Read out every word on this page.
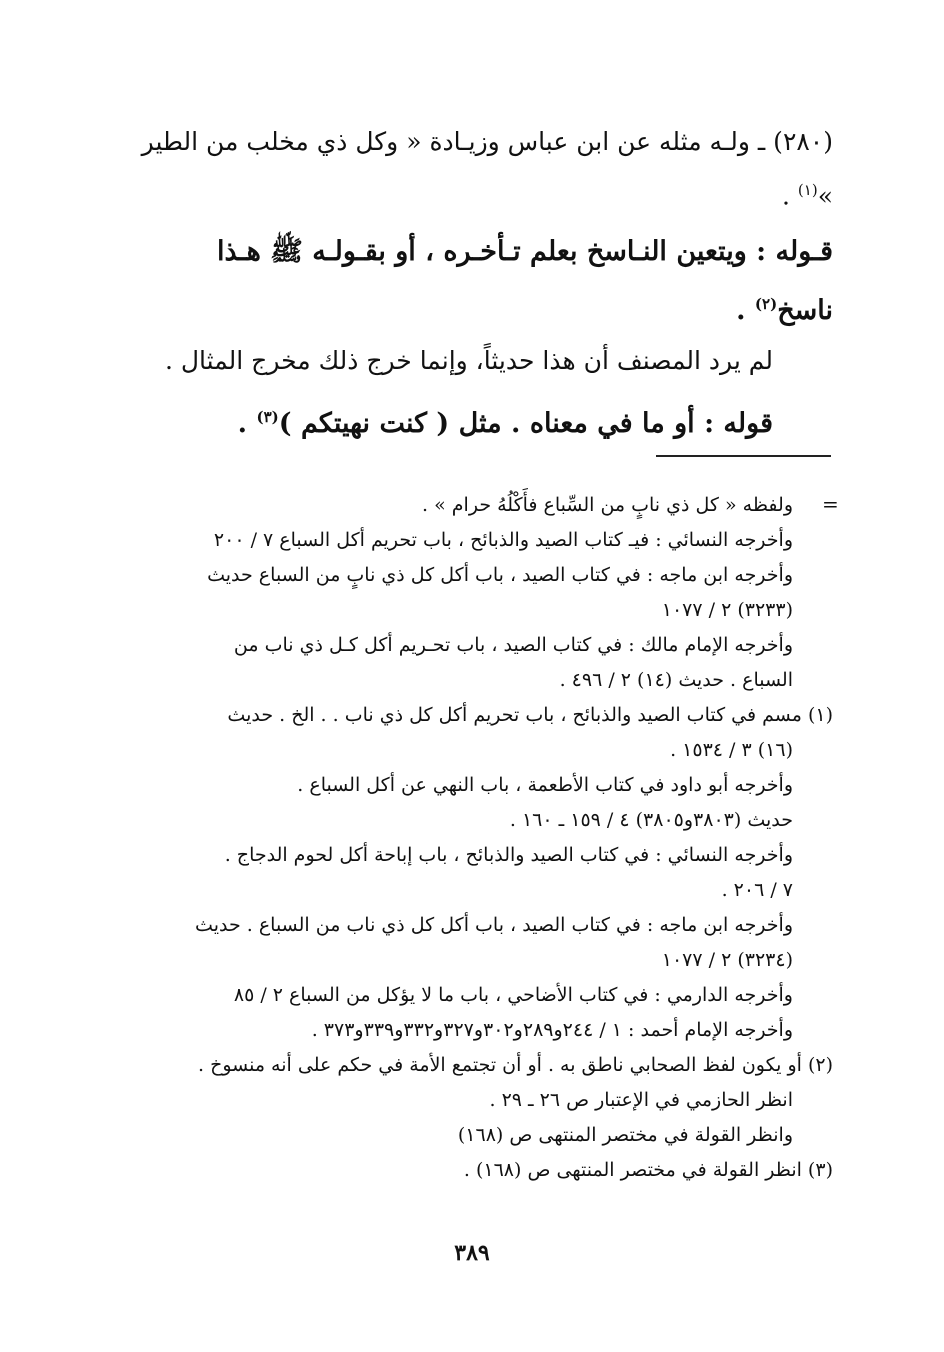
(٢٨٠) ـ ولـه مثله عن ابن عباس وزيـادة « وكل ذي مخلب من الطير »$^{(١)}$ .

قـوله : ويتعين النـاسخ بعلم تـأخـره ، أو بقـولـه ﷺ هـذا ناسخ$^{(٢)}$ .

لم يرد المصنف أن هذا حديثاً، وإنما خرج ذلك مخرج المثال .

قوله : أو ما في معناه . مثل ( كنت نهيتكم )$^{(٣)}$ .

=

ولفظه « كل ذي نابٍ من السِّباع فأَكْلُهُ حرام » .

وأخرجه النسائي : فيـ كتاب الصيد والذبائح ، باب تحريم أكل السباع ٧ / ٢٠٠

وأخرجه ابن ماجه : في كتاب الصيد ، باب أكل كل ذي نابٍ من السباع حديث

(٣٢٣٣) ٢ / ١٠٧٧

وأخرجه الإمام مالك : في كتاب الصيد ، باب تحـريم أكل كـل ذي ناب من

السباع . حديث (١٤) ٢ / ٤٩٦ .

(١) مسم في كتاب الصيد والذبائح ، باب تحريم أكل كل ذي ناب . . الخ . حديث

(١٦) ٣ / ١٥٣٤ .

وأخرجه أبو داود في كتاب الأطعمة ، باب النهي عن أكل السباع .

حديث (٣٨٠٣و٣٨٠٥) ٤ / ١٥٩ ـ ١٦٠ .

وأخرجه النسائي : في كتاب الصيد والذبائح ، باب إباحة أكل لحوم الدجاج .

٧ / ٢٠٦ .

وأخرجه ابن ماجه : في كتاب الصيد ، باب أكل كل ذي ناب من السباع . حديث

(٣٢٣٤) ٢ / ١٠٧٧

وأخرجه الدارمي : في كتاب الأضاحي ، باب ما لا يؤكل من السباع ٢ / ٨٥

وأخرجه الإمام أحمد : ١ / ٢٤٤و٢٨٩و٣٠٢و٣٢٧و٣٣٢و٣٣٩و٣٧٣ .

(٢) أو يكون لفظ الصحابي ناطق به . أو أن تجتمع الأمة في حكم على أنه منسوخ .

انظر الحازمي في الإعتبار ص ٢٦ ـ ٢٩ .

وانظر القولة في مختصر المنتهى ص (١٦٨)

(٣) انظر القولة في مختصر المنتهى ص (١٦٨) .

٣٨٩
